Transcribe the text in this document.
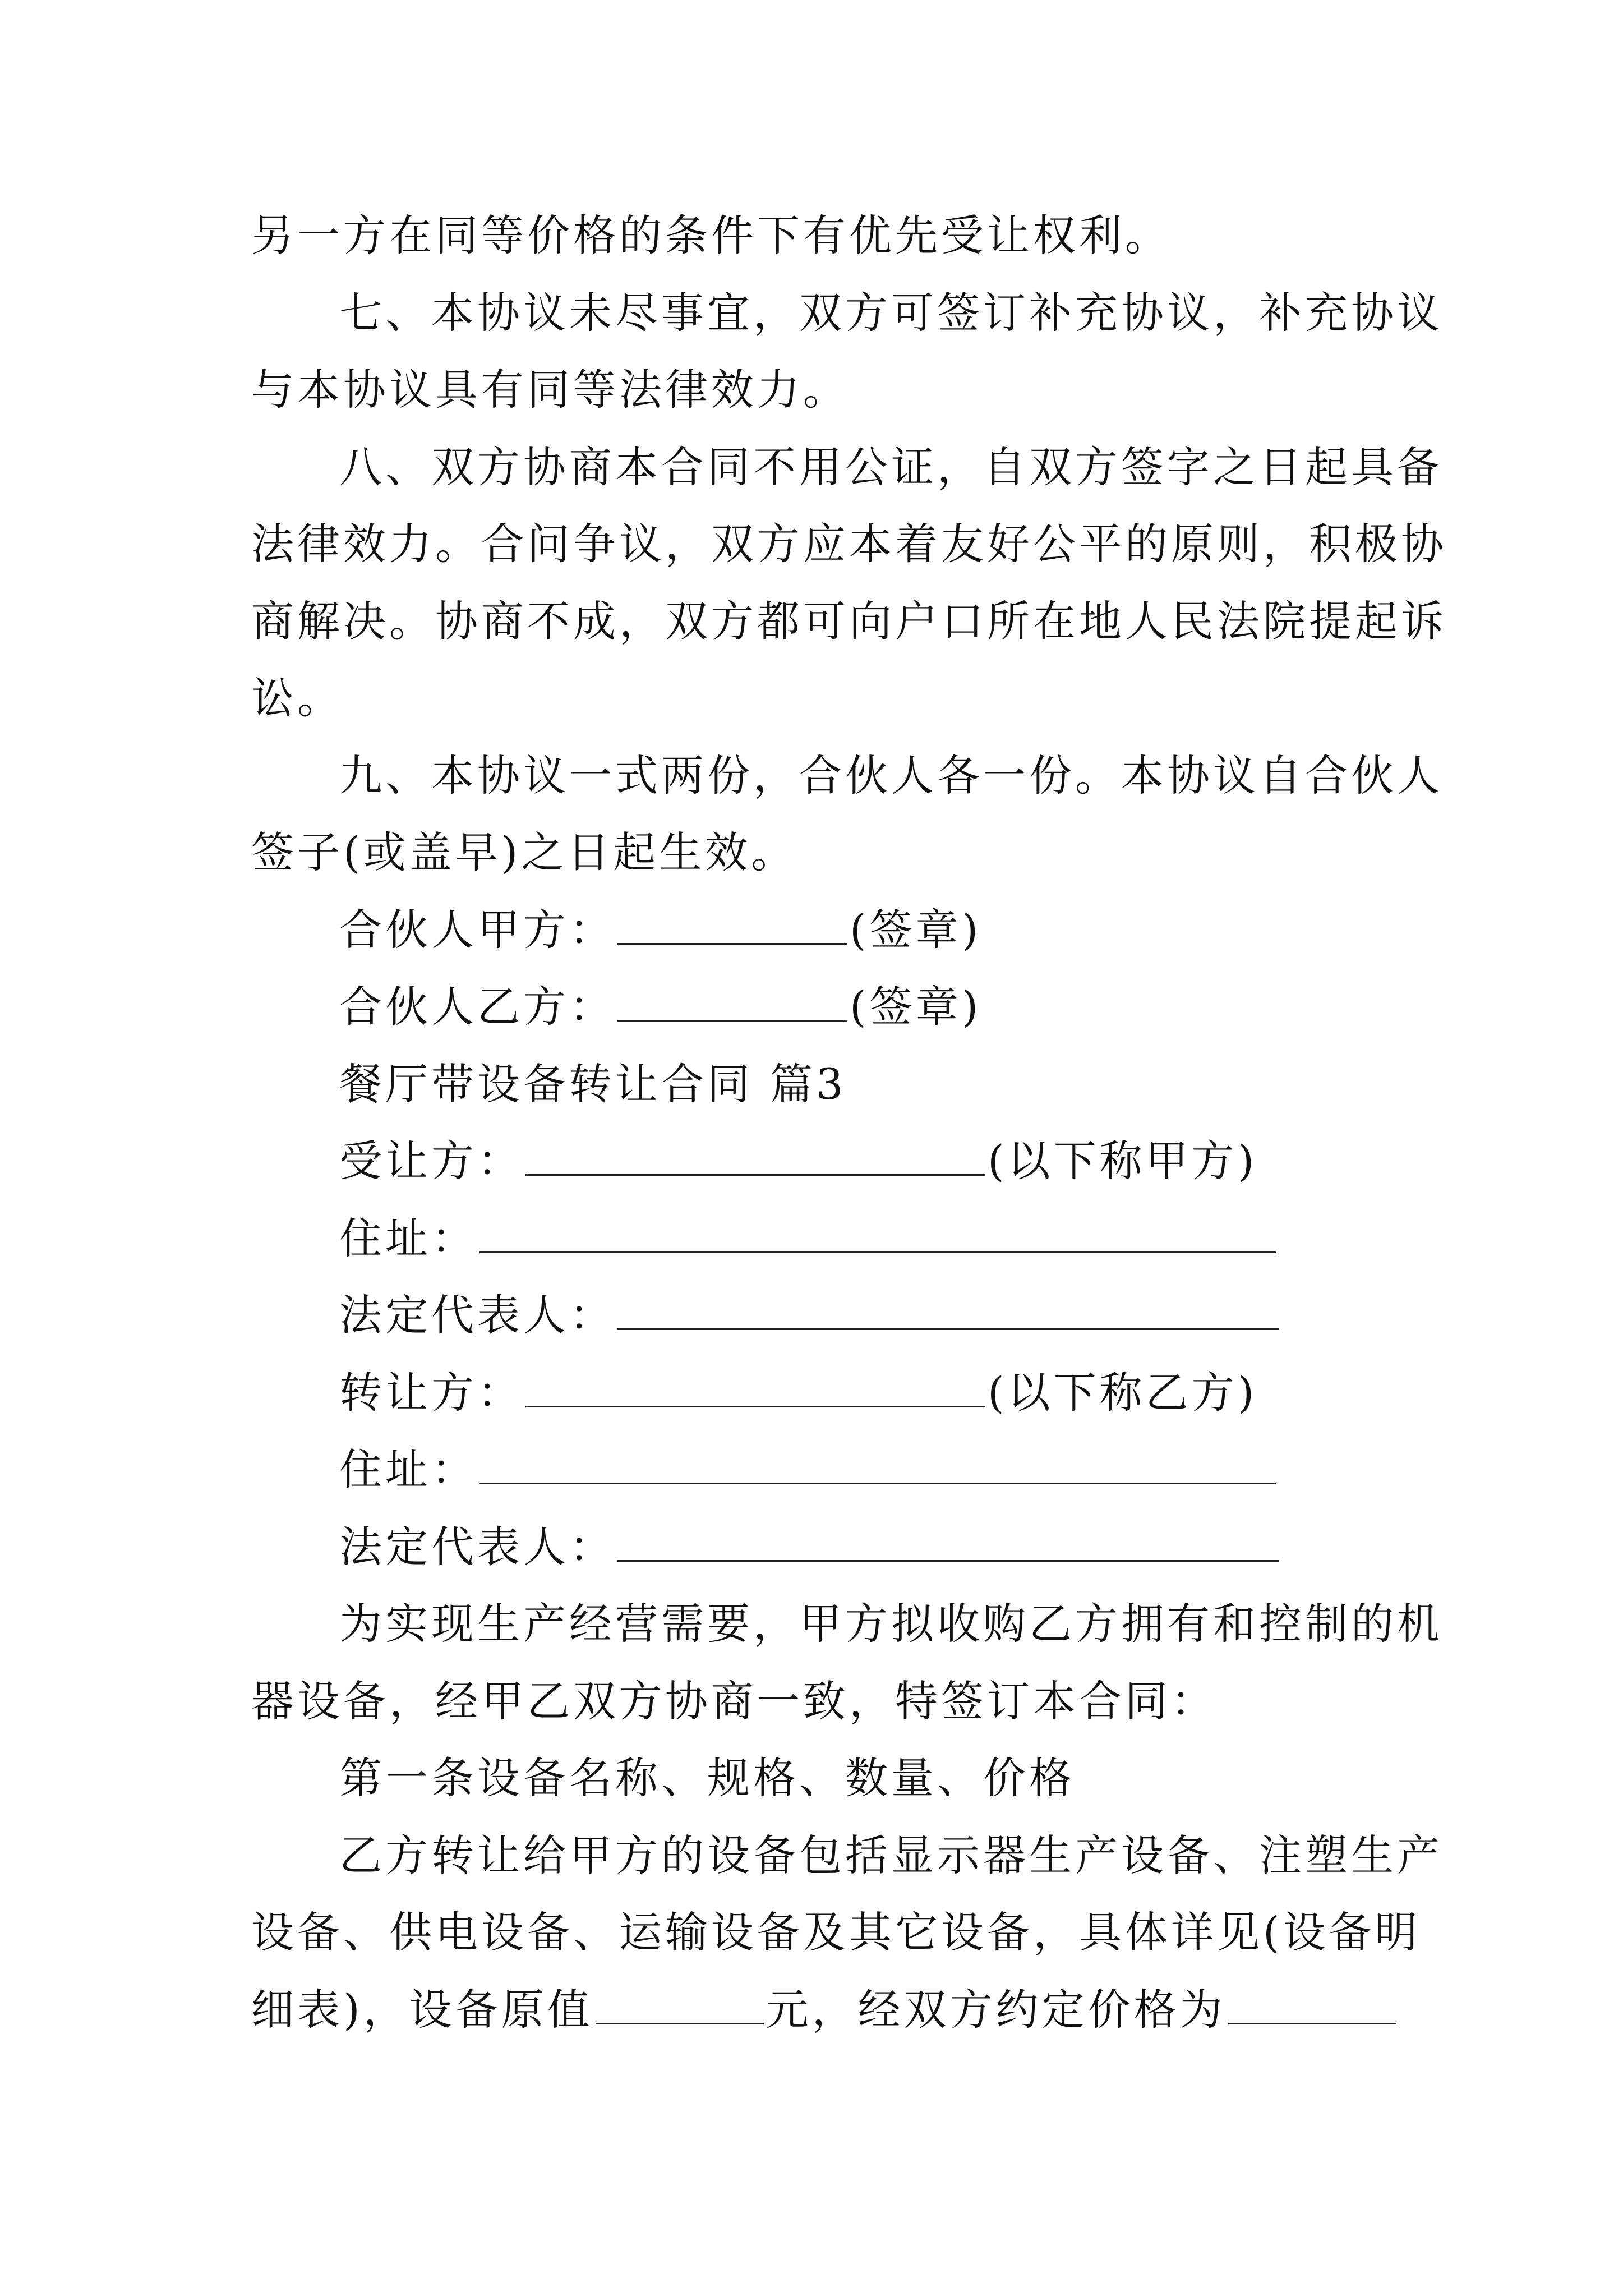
另一方在同等价格的条件下有优先受让权利。
七、本协议未尽事宜，双方可签订补充协议，补充协议
与本协议具有同等法律效力。
八、双方协商本合同不用公证，自双方签字之日起具备
法律效力。合问争议，双方应本着友好公平的原则，积极协
商解决。协商不成，双方都可向户口所在地人民法院提起诉
讼。
九、本协议一式两份，合伙人各一份。本协议自合伙人
签子(或盖早)之日起生效。
合伙人甲方：	(签章)
合伙人乙方：	(签章)
餐厅带设备转让合同 篇3
受让方：	(以下称甲方)
住址：
法定代表人：
转让方：	(以下称乙方)
住址：
法定代表人：
为实现生产经营需要，甲方拟收购乙方拥有和控制的机
器设备，经甲乙双方协商一致，特签订本合同：
第一条设备名称、规格、数量、价格
乙方转让给甲方的设备包括显示器生产设备、注塑生产
设备、供电设备、运输设备及其它设备，具体详见(设备明
细表)，设备原值	元，经双方约定价格为
